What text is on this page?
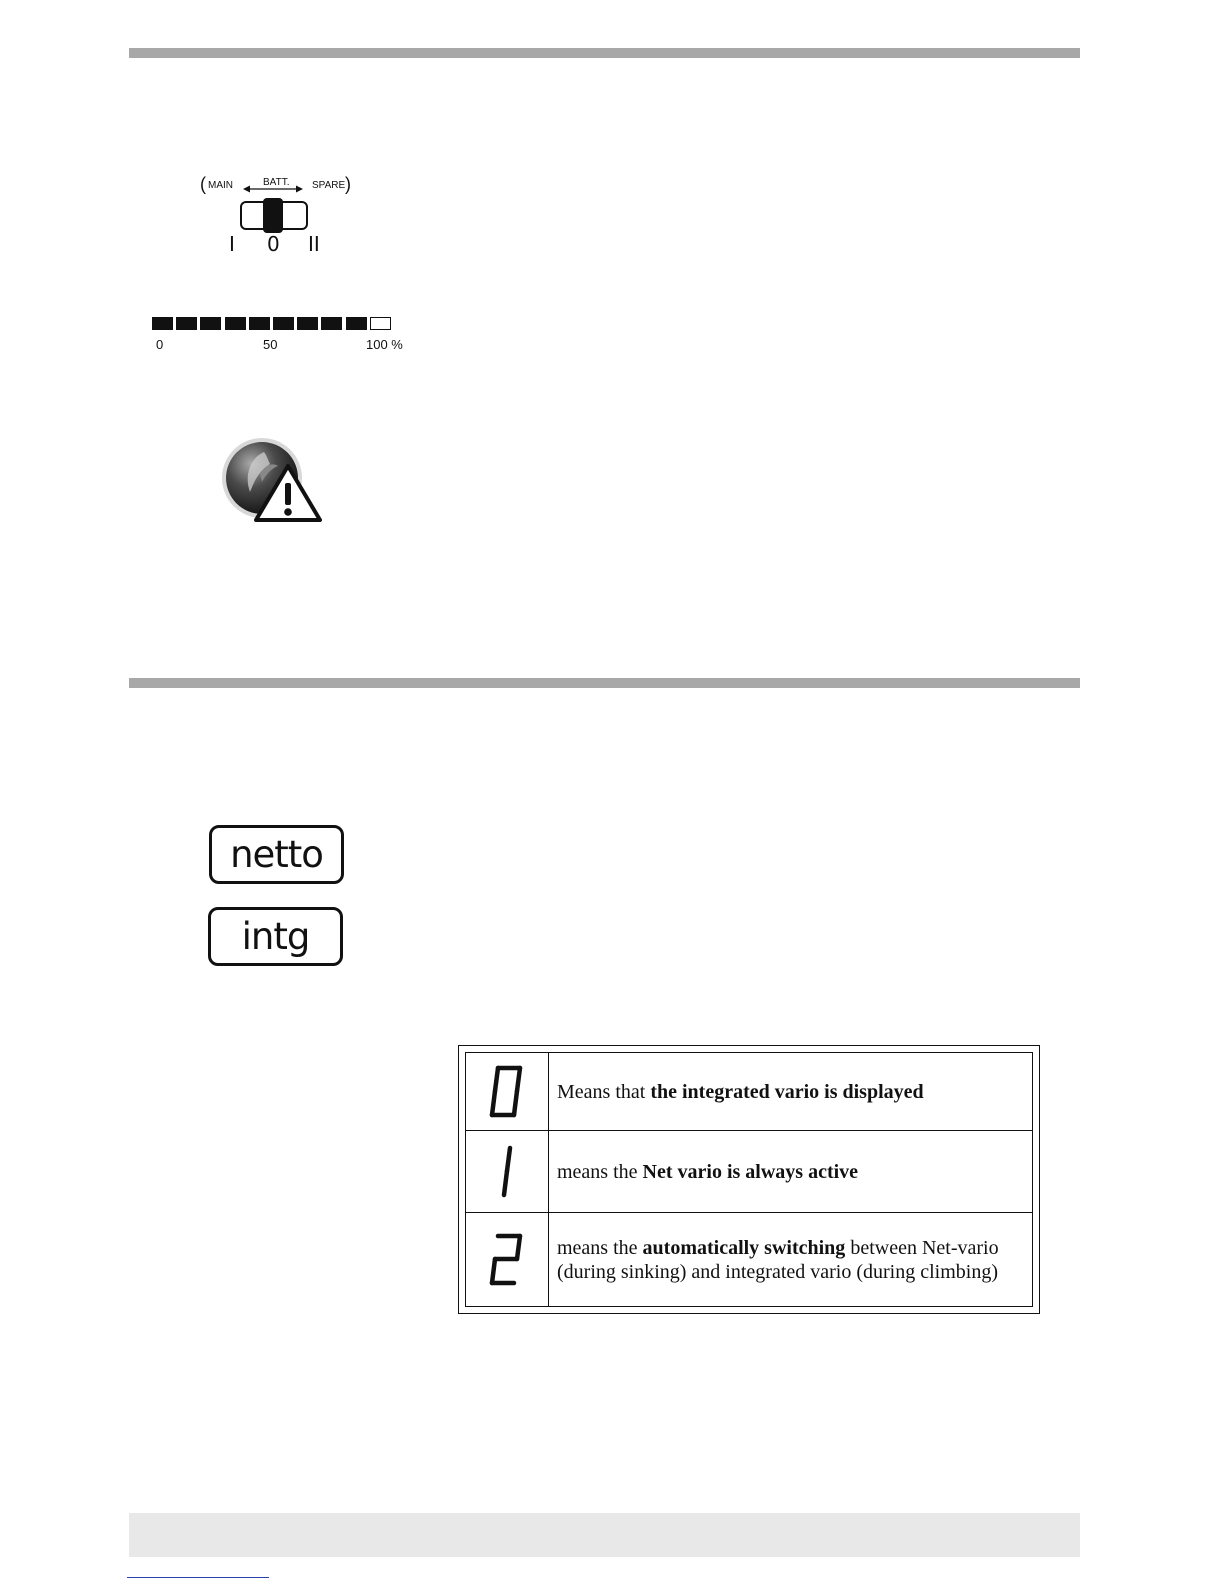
( MAIN	BATT. SPARE )
I 0 II
0	50	100 %
netto
intg
	Means that the integrated vario is displayed

	means the Net vario is always active

	means the automatically switching between Net-vario (during sinking) and integrated vario (during climbing)
